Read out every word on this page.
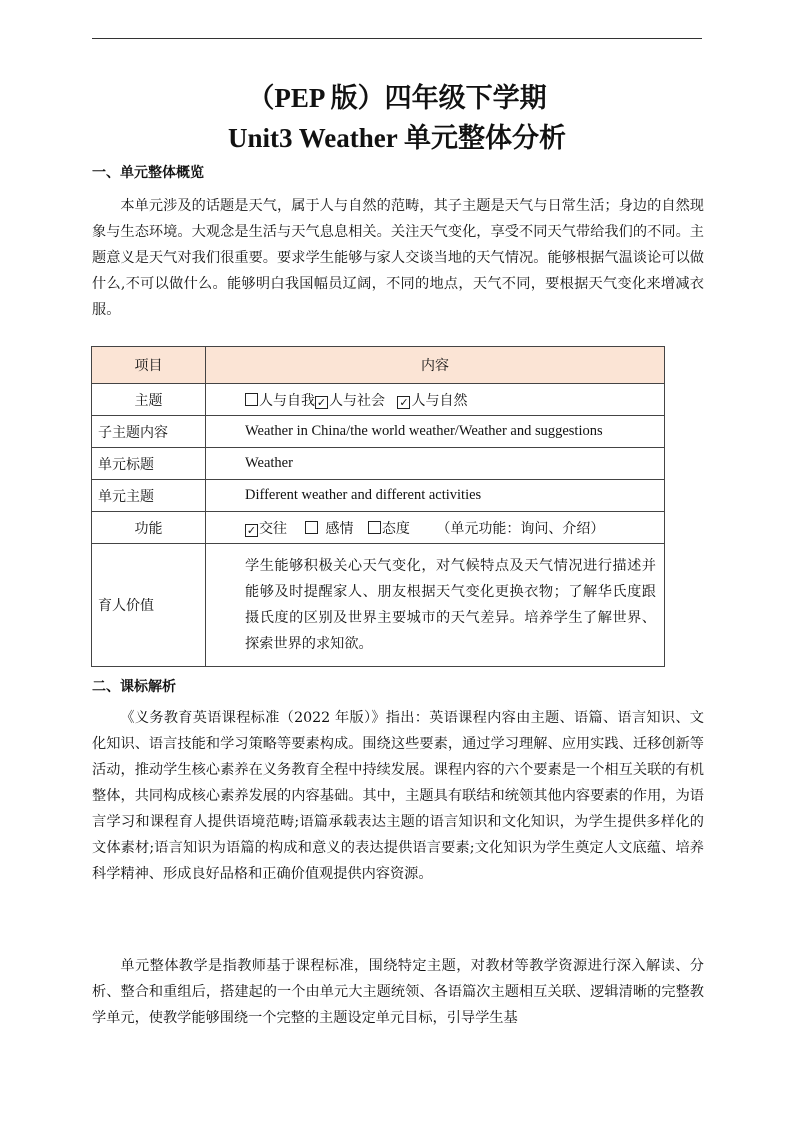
（PEP 版）四年级下学期
Unit3 Weather 单元整体分析
一、单元整体概览

本单元涉及的话题是天气，属于人与自然的范畴，其子主题是天气与日常生活；身边的自然现象与生态环境。大观念是生活与天气息息相关。关注天气变化，享受不同天气带给我们的不同。主题意义是天气对我们很重要。要求学生能够与家人交谈当地的天气情况。能够根据气温谈论可以做什么,不可以做什么。能够明白我国幅员辽阔，不同的地点，天气不同，要根据天气变化来增减衣服。

项目	内容
主题	人与自我 ✓ 人与社会 ✓ 人与自然
子主题内容	Weather in China/the world weather/Weather and suggestions
单元标题	Weather
单元主题	Different weather and different activities
功能	✓ 交往 感情 态度 （单元功能：询问、介绍）
育人价值	学生能够积极关心天气变化，对气候特点及天气情况进行描述并能够及时提醒家人、朋友根据天气变化更换衣物；了解华氏度跟摄氏度的区别及世界主要城市的天气差异。培养学生了解世界、探索世界的求知欲。
二、课标解析

《义务教育英语课程标准（2022 年版）》指出：英语课程内容由主题、语篇、语言知识、文化知识、语言技能和学习策略等要素构成。围绕这些要素，通过学习理解、应用实践、迁移创新等活动，推动学生核心素养在义务教育全程中持续发展。课程内容的六个要素是一个相互关联的有机整体，共同构成核心素养发展的内容基础。其中，主题具有联结和统领其他内容要素的作用，为语言学习和课程育人提供语境范畴;语篇承载表达主题的语言知识和文化知识，为学生提供多样化的文体素材;语言知识为语篇的构成和意义的表达提供语言要素;文化知识为学生奠定人文底蕴、培养科学精神、形成良好品格和正确价值观提供内容资源。

单元整体教学是指教师基于课程标准，围绕特定主题，对教材等教学资源进行深入解读、分析、整合和重组后，搭建起的一个由单元大主题统领、各语篇次主题相互关联、逻辑清晰的完整教学单元，使教学能够围绕一个完整的主题设定单元目标，引导学生基
